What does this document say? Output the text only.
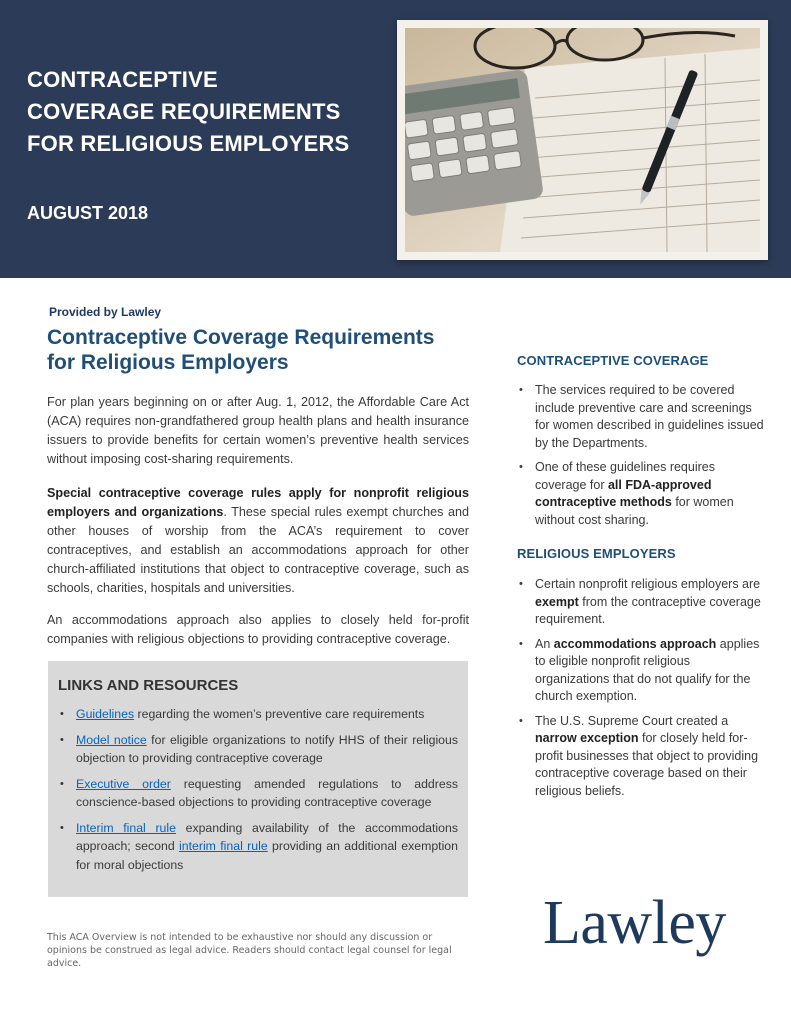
CONTRACEPTIVE
COVERAGE REQUIREMENTS
FOR RELIGIOUS EMPLOYERS
AUGUST 2018
Provided by Lawley
Contraceptive Coverage Requirements
for Religious Employers
For plan years beginning on or after Aug. 1, 2012, the Affordable Care Act (ACA) requires non-grandfathered group health plans and health insurance issuers to provide benefits for certain women’s preventive health services without imposing cost-sharing requirements.
Special contraceptive coverage rules apply for nonprofit religious employers and organizations. These special rules exempt churches and other houses of worship from the ACA’s requirement to cover contraceptives, and establish an accommodations approach for other church-affiliated institutions that object to contraceptive coverage, such as schools, charities, hospitals and universities.
An accommodations approach also applies to closely held for-profit companies with religious objections to providing contraceptive coverage.
LINKS AND RESOURCES
• Guidelines regarding the women’s preventive care requirements
• Model notice for eligible organizations to notify HHS of their religious objection to providing contraceptive coverage
• Executive order requesting amended regulations to address conscience-based objections to providing contraceptive coverage
• Interim final rule expanding availability of the accommodations approach; second interim final rule providing an additional exemption for moral objections
This ACA Overview is not intended to be exhaustive nor should any discussion or opinions be construed as legal advice. Readers should contact legal counsel for legal advice.
CONTRACEPTIVE COVERAGE
• The services required to be covered include preventive care and screenings for women described in guidelines issued by the Departments.
• One of these guidelines requires coverage for all FDA-approved contraceptive methods for women without cost sharing.
RELIGIOUS EMPLOYERS
• Certain nonprofit religious employers are exempt from the contraceptive coverage requirement.
• An accommodations approach applies to eligible nonprofit religious organizations that do not qualify for the church exemption.
• The U.S. Supreme Court created a narrow exception for closely held for-profit businesses that object to providing contraceptive coverage based on their religious beliefs.
Lawley
